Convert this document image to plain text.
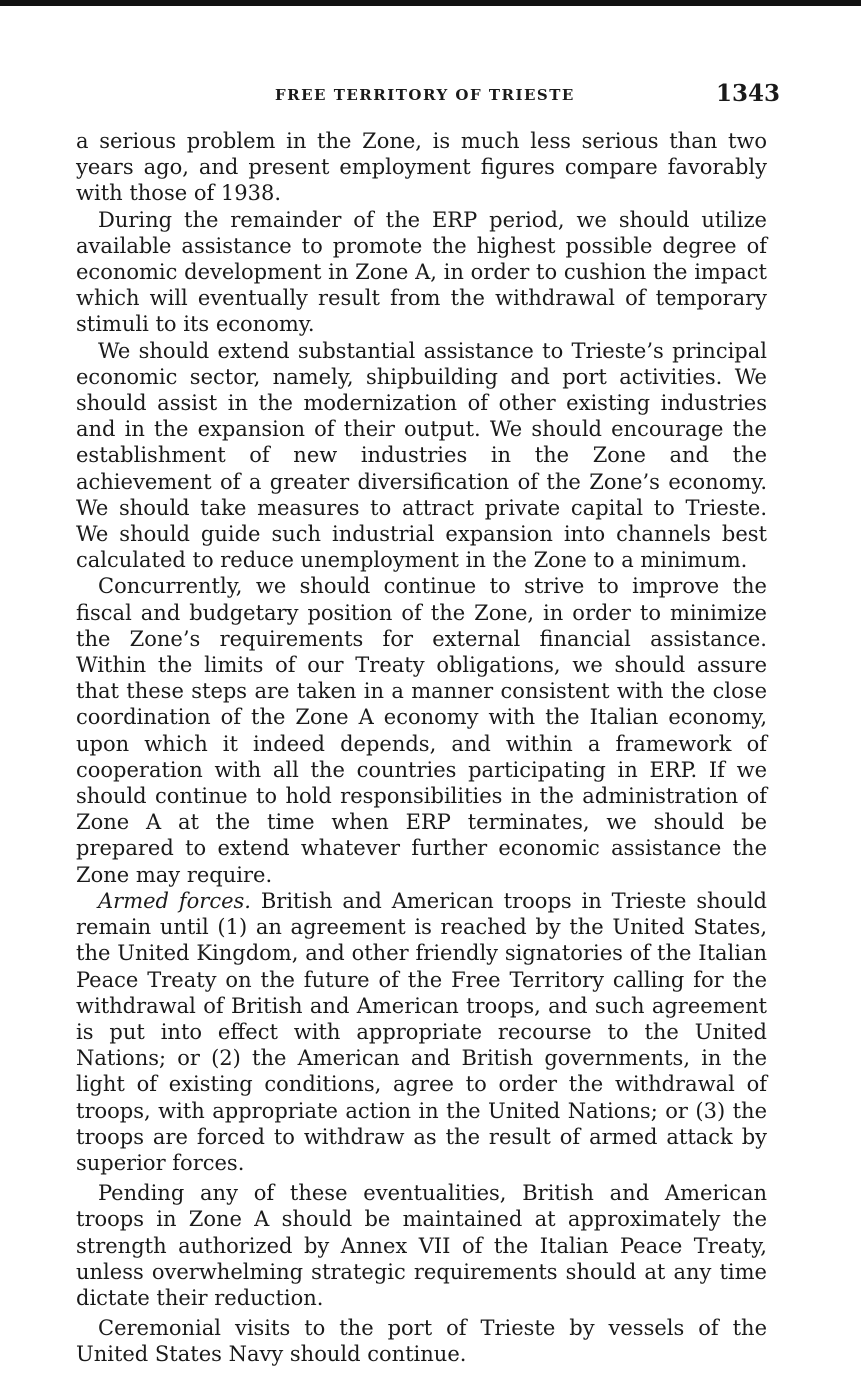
FREE TERRITORY OF TRIESTE	1343

a serious problem in the Zone, is much less serious than two years ago, and present employment figures compare favorably with those of 1938.

During the remainder of the ERP period, we should utilize available assistance to promote the highest possible degree of economic development in Zone A, in order to cushion the impact which will eventually result from the withdrawal of temporary stimuli to its economy.

We should extend substantial assistance to Trieste’s principal economic sector, namely, shipbuilding and port activities. We should assist in the modernization of other existing industries and in the expansion of their output. We should encourage the establishment of new industries in the Zone and the achievement of a greater diversification of the Zone’s economy. We should take measures to attract private capital to Trieste. We should guide such industrial expansion into channels best calculated to reduce unemployment in the Zone to a minimum.

Concurrently, we should continue to strive to improve the fiscal and budgetary position of the Zone, in order to minimize the Zone’s requirements for external financial assistance. Within the limits of our Treaty obligations, we should assure that these steps are taken in a manner consistent with the close coordination of the Zone A economy with the Italian economy, upon which it indeed depends, and within a framework of cooperation with all the countries participating in ERP. If we should continue to hold responsibilities in the administration of Zone A at the time when ERP terminates, we should be prepared to extend whatever further economic assistance the Zone may require.

Armed forces. British and American troops in Trieste should remain until (1) an agreement is reached by the United States, the United Kingdom, and other friendly signatories of the Italian Peace Treaty on the future of the Free Territory calling for the withdrawal of British and American troops, and such agreement is put into effect with appropriate recourse to the United Nations; or (2) the American and British governments, in the light of existing conditions, agree to order the withdrawal of troops, with appropriate action in the United Nations; or (3) the troops are forced to withdraw as the result of armed attack by superior forces.

Pending any of these eventualities, British and American troops in Zone A should be maintained at approximately the strength authorized by Annex VII of the Italian Peace Treaty, unless overwhelming strategic requirements should at any time dictate their reduction.

Ceremonial visits to the port of Trieste by vessels of the United States Navy should continue.
